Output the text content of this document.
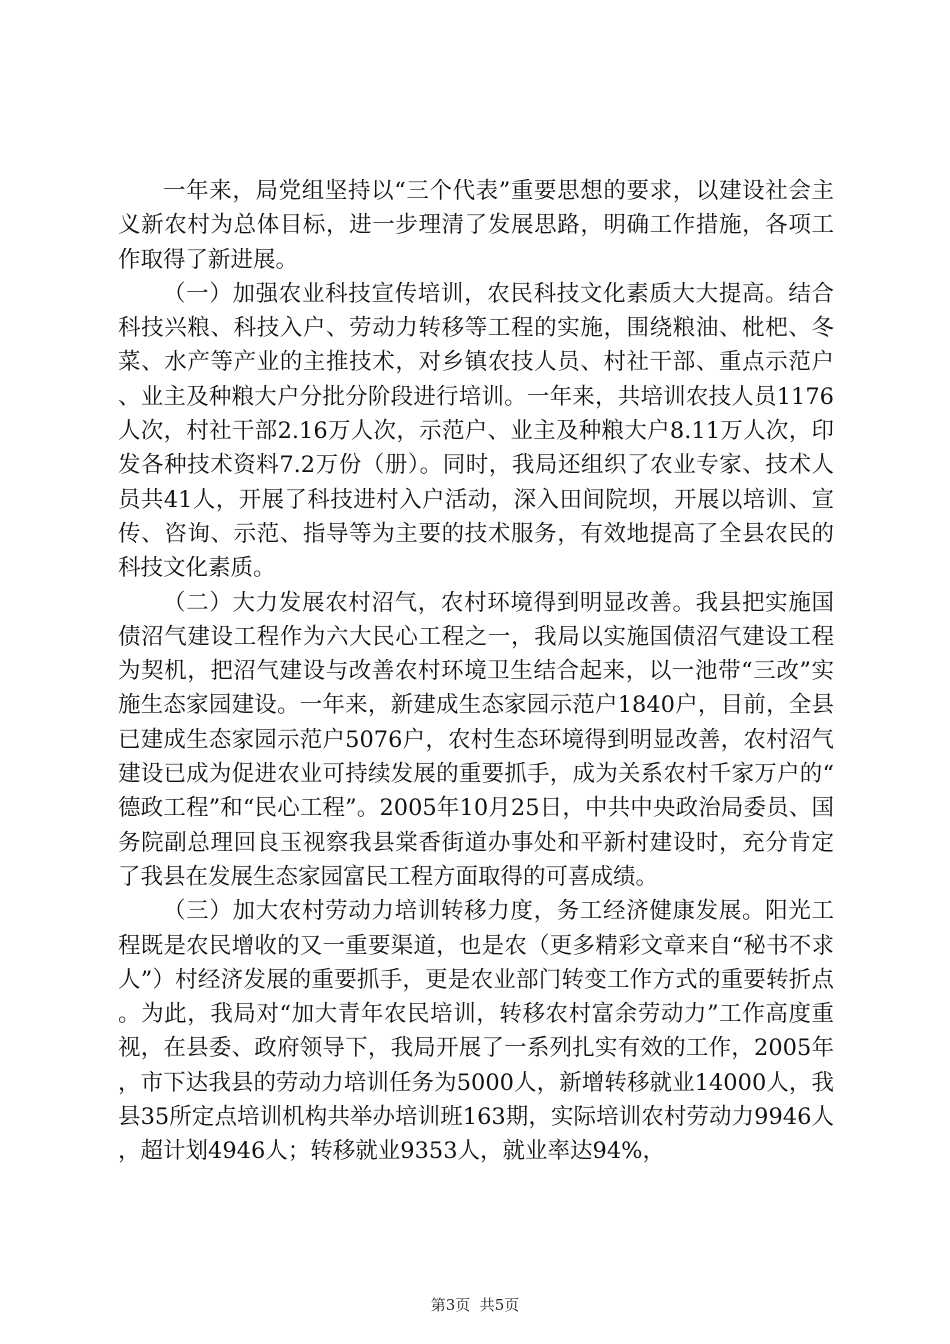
一年来，局党组坚持以“三个代表”重要思想的要求，以建设社会主义新农村为总体目标，进一步理清了发展思路，明确工作措施，各项工作取得了新进展。

（一）加强农业科技宣传培训，农民科技文化素质大大提高。结合科技兴粮、科技入户、劳动力转移等工程的实施，围绕粮油、枇杷、冬菜、水产等产业的主推技术，对乡镇农技人员、村社干部、重点示范户、业主及种粮大户分批分阶段进行培训。一年来，共培训农技人员1176人次，村社干部2.16万人次，示范户、业主及种粮大户8.11万人次，印发各种技术资料7.2万份（册）。同时，我局还组织了农业专家、技术人员共41人，开展了科技进村入户活动，深入田间院坝，开展以培训、宣传、咨询、示范、指导等为主要的技术服务，有效地提高了全县农民的科技文化素质。

（二）大力发展农村沼气，农村环境得到明显改善。我县把实施国债沼气建设工程作为六大民心工程之一，我局以实施国债沼气建设工程为契机，把沼气建设与改善农村环境卫生结合起来，以一池带“三改”实施生态家园建设。一年来，新建成生态家园示范户1840户，目前，全县已建成生态家园示范户5076户，农村生态环境得到明显改善，农村沼气建设已成为促进农业可持续发展的重要抓手，成为关系农村千家万户的“德政工程”和“民心工程”。2005年10月25日，中共中央政治局委员、国务院副总理回良玉视察我县棠香街道办事处和平新村建设时，充分肯定了我县在发展生态家园富民工程方面取得的可喜成绩。

（三）加大农村劳动力培训转移力度，务工经济健康发展。阳光工程既是农民增收的又一重要渠道，也是农（更多精彩文章来自“秘书不求人”）村经济发展的重要抓手，更是农业部门转变工作方式的重要转折点。为此，我局对“加大青年农民培训，转移农村富余劳动力”工作高度重视，在县委、政府领导下，我局开展了一系列扎实有效的工作，2005年，市下达我县的劳动力培训任务为5000人，新增转移就业14000人，我县35所定点培训机构共举办培训班163期，实际培训农村劳动力9946人，超计划4946人；转移就业9353人，就业率达94%，

第3页  共5页
